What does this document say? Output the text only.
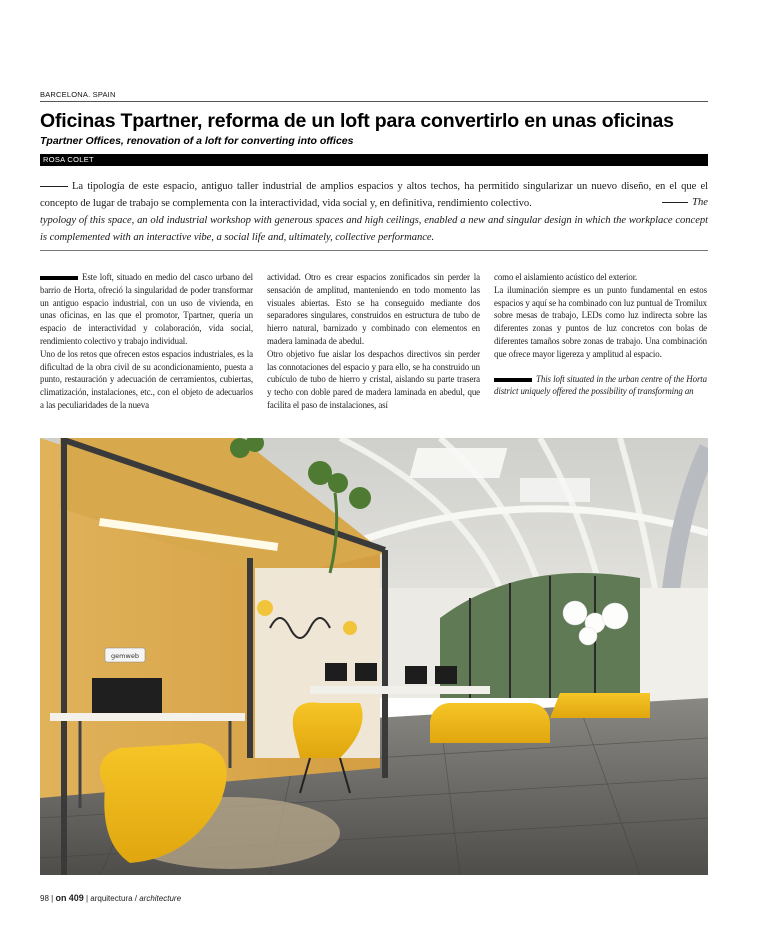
BARCELONA. SPAIN
Oficinas Tpartner, reforma de un loft para convertirlo en unas oficinas
Tpartner Offices, renovation of a loft for converting into offices
ROSA COLET
La tipología de este espacio, antiguo taller industrial de amplios espacios y altos techos, ha permitido singularizar un nuevo diseño, en el que el concepto de lugar de trabajo se complementa con la interactividad, vida social y, en definitiva, rendimiento colectivo.	The
typology of this space, an old industrial workshop with generous spaces and high ceilings, enabled a new and singular design in which the workplace concept is complemented with an interactive vibe, a social life and, ultimately, collective performance.

Este loft, situado en medio del casco urbano del barrio de Horta, ofreció la singularidad de poder transformar un antiguo espacio industrial, con un uso de vivienda, en unas oficinas, en las que el promotor, Tpartner, quería un espacio de interactividad y colaboración, vida social, rendimiento colectivo y trabajo individual.

Uno de los retos que ofrecen estos espacios industriales, es la dificultad de la obra civil de su acondicionamiento, puesta a punto, restauración y adecuación de cerramientos, cubiertas, climatización, instalaciones, etc., con el objeto de adecuarlos a las peculiaridades de la nueva

actividad. Otro es crear espacios zonificados sin perder la sensación de amplitud, manteniendo en todo momento las visuales abiertas. Esto se ha conseguido mediante dos separadores singulares, construidos en estructura de tubo de hierro natural, barnizado y combinado con elementos en madera laminada de abedul.

Otro objetivo fue aislar los despachos directivos sin perder las connotaciones del espacio y para ello, se ha construido un cubículo de tubo de hierro y cristal, aislando su parte trasera y techo con doble pared de madera laminada en abedul, que facilita el paso de instalaciones, así

como el aislamiento acústico del exterior.

La iluminación siempre es un punto fundamental en estos espacios y aquí se ha combinado con luz puntual de Tromilux sobre mesas de trabajo, LEDs como luz indirecta sobre las diferentes zonas y puntos de luz concretos con bolas de diferentes tamaños sobre zonas de trabajo. Una combinación que ofrece mayor ligereza y amplitud al espacio.

This loft situated in the urban centre of the Horta district uniquely offered the possibility of transforming an

gemweb
98 | on 409 | arquitectura / architecture
